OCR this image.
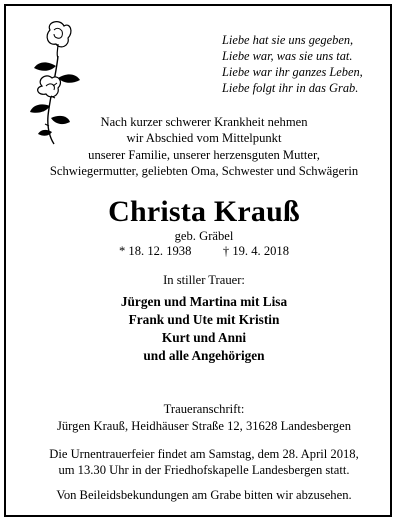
Liebe hat sie uns gegeben,
Liebe war, was sie uns tat.
Liebe war ihr ganzes Leben,
Liebe folgt ihr in das Grab.
Nach kurzer schwerer Krankheit nehmen
wir Abschied vom Mittelpunkt
unserer Familie, unserer herzensguten Mutter,
Schwiegermutter, geliebten Oma, Schwester und Schwägerin
Christa Krauß
geb. Gräbel
* 18. 12. 1938 † 19. 4. 2018
In stiller Trauer:
Jürgen und Martina mit Lisa
Frank und Ute mit Kristin
Kurt und Anni
und alle Angehörigen
Traueranschrift:
Jürgen Krauß, Heidhäuser Straße 12, 31628 Landesbergen
Die Urnentrauerfeier findet am Samstag, dem 28. April 2018,
um 13.30 Uhr in der Friedhofskapelle Landesbergen statt.
Von Beileidsbekundungen am Grabe bitten wir abzusehen.
